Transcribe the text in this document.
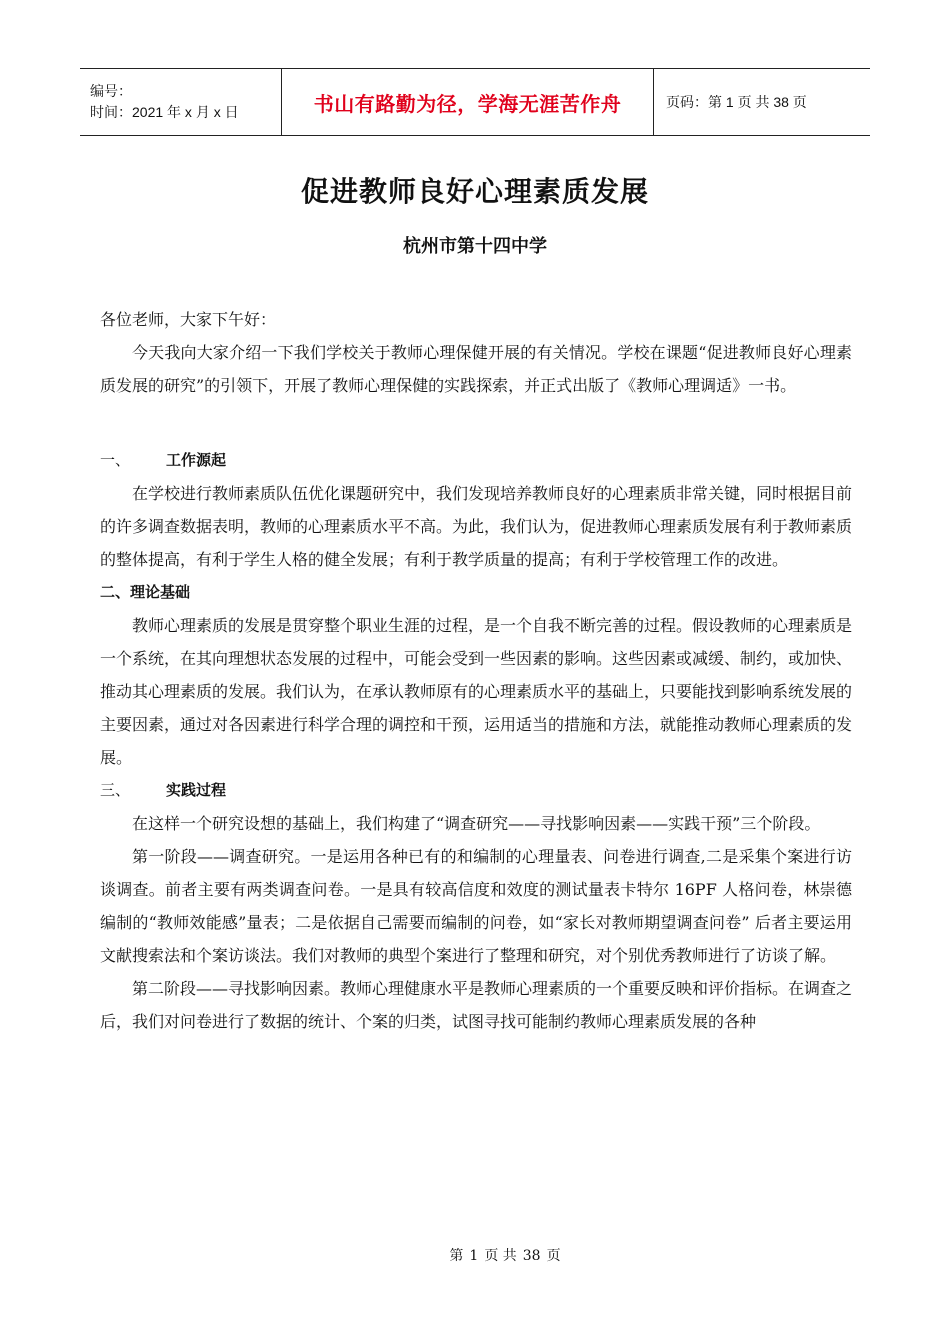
编号：
时间：2021 年 x 月 x 日	书山有路勤为径，学海无涯苦作舟	页码：第 1 页 共 38 页
促进教师良好心理素质发展
杭州市第十四中学

各位老师，大家下午好：

今天我向大家介绍一下我们学校关于教师心理保健开展的有关情况。学校在课题“促进教师良好心理素质发展的研究”的引领下，开展了教师心理保健的实践探索，并正式出版了《教师心理调适》一书。

一、 工作源起

在学校进行教师素质队伍优化课题研究中，我们发现培养教师良好的心理素质非常关键，同时根据目前的许多调查数据表明，教师的心理素质水平不高。为此，我们认为，促进教师心理素质发展有利于教师素质的整体提高，有利于学生人格的健全发展；有利于教学质量的提高；有利于学校管理工作的改进。

二、理论基础

教师心理素质的发展是贯穿整个职业生涯的过程，是一个自我不断完善的过程。假设教师的心理素质是一个系统，在其向理想状态发展的过程中，可能会受到一些因素的影响。这些因素或减缓、制约，或加快、推动其心理素质的发展。我们认为，在承认教师原有的心理素质水平的基础上，只要能找到影响系统发展的主要因素，通过对各因素进行科学合理的调控和干预，运用适当的措施和方法，就能推动教师心理素质的发展。

三、 实践过程

在这样一个研究设想的基础上，我们构建了“调查研究——寻找影响因素——实践干预”三个阶段。

第一阶段——调查研究。一是运用各种已有的和编制的心理量表、问卷进行调查,二是采集个案进行访谈调查。前者主要有两类调查问卷。一是具有较高信度和效度的测试量表卡特尔 16PF 人格问卷，林崇德编制的“教师效能感”量表；二是依据自己需要而编制的问卷，如“家长对教师期望调查问卷” 后者主要运用文献搜索法和个案访谈法。我们对教师的典型个案进行了整理和研究，对个别优秀教师进行了访谈了解。

第二阶段——寻找影响因素。教师心理健康水平是教师心理素质的一个重要反映和评价指标。在调查之后，我们对问卷进行了数据的统计、个案的归类，试图寻找可能制约教师心理素质发展的各种

第 1 页 共 38 页
